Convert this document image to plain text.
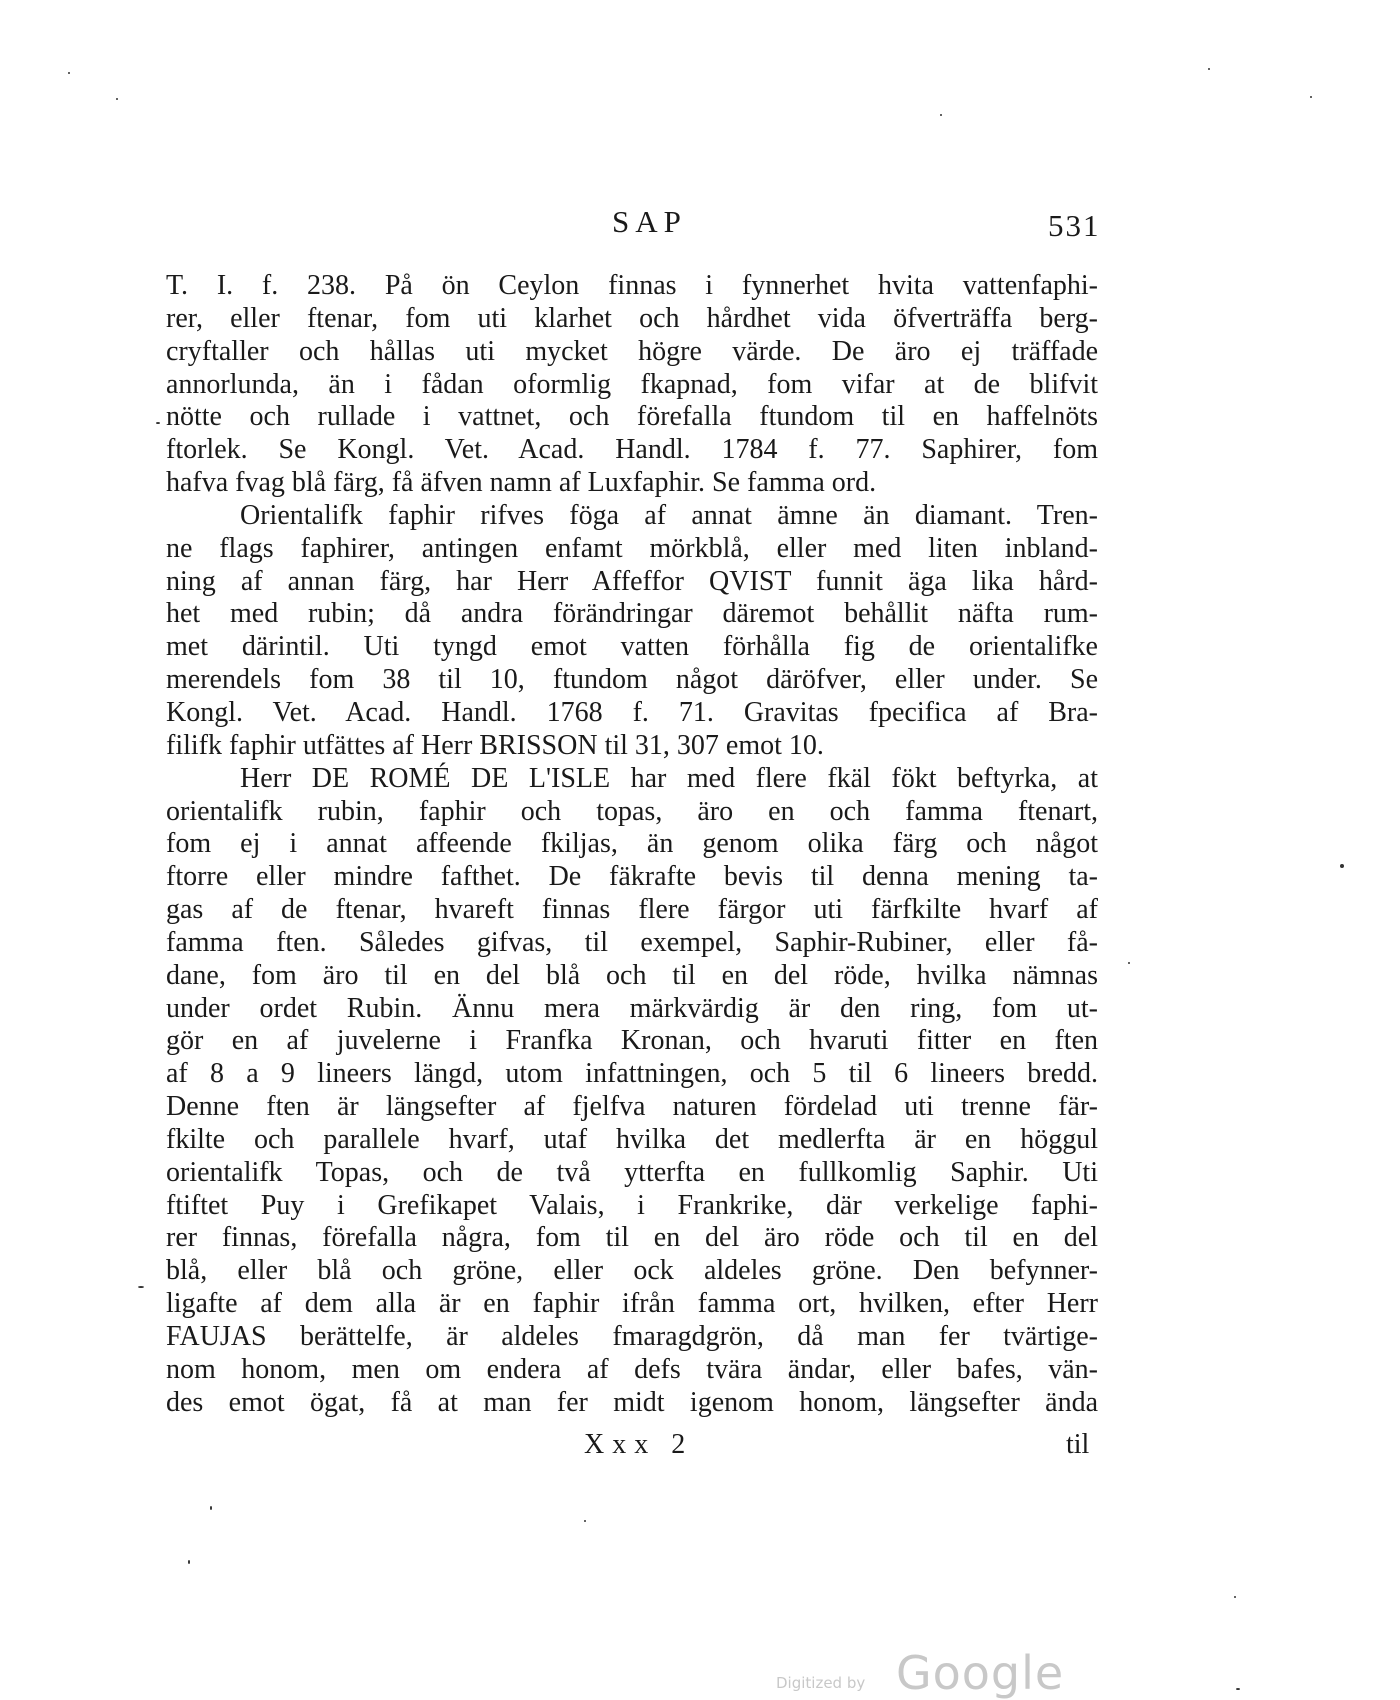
SAP	531
T. I. f. 238. På ön Ceylon finnas i fynnerhet hvita vattenfaphi-
rer, eller ftenar, fom uti klarhet och hårdhet vida öfverträffa berg-
cryftaller och hållas uti mycket högre värde. De äro ej träffade
annorlunda, än i fådan oformlig fkapnad, fom vifar at de blifvit
nötte och rullade i vattnet, och förefalla ftundom til en haffelnöts
ftorlek. Se Kongl. Vet. Acad. Handl. 1784 f. 77. Saphirer, fom
hafva fvag blå färg, få äfven namn af Luxfaphir. Se famma ord.
Orientalifk faphir rifves föga af annat ämne än diamant. Tren-
ne flags faphirer, antingen enfamt mörkblå, eller med liten inbland-
ning af annan färg, har Herr Affeffor QVIST funnit äga lika hård-
het med rubin; då andra förändringar däremot behållit näfta rum-
met därintil. Uti tyngd emot vatten förhålla fig de orientalifke
merendels fom 38 til 10, ftundom något däröfver, eller under. Se
Kongl. Vet. Acad. Handl. 1768 f. 71. Gravitas fpecifica af Bra-
filifk faphir utfättes af Herr BRISSON til 31, 307 emot 10.
Herr DE ROMÉ DE L'ISLE har med flere fkäl fökt beftyrka, at
orientalifk rubin, faphir och topas, äro en och famma ftenart,
fom ej i annat affeende fkiljas, än genom olika färg och något
ftorre eller mindre fafthet. De fäkrafte bevis til denna mening ta-
gas af de ftenar, hvareft finnas flere färgor uti färfkilte hvarf af
famma ften. Således gifvas, til exempel, Saphir-Rubiner, eller få-
dane, fom äro til en del blå och til en del röde, hvilka nämnas
under ordet Rubin. Ännu mera märkvärdig är den ring, fom ut-
gör en af juvelerne i Franfka Kronan, och hvaruti fitter en ften
af 8 a 9 lineers längd, utom infattningen, och 5 til 6 lineers bredd.
Denne ften är längsefter af fjelfva naturen fördelad uti trenne fär-
fkilte och parallele hvarf, utaf hvilka det medlerfta är en höggul
orientalifk Topas, och de två ytterfta en fullkomlig Saphir. Uti
ftiftet Puy i Grefikapet Valais, i Frankrike, där verkelige faphi-
rer finnas, förefalla några, fom til en del äro röde och til en del
blå, eller blå och gröne, eller ock aldeles gröne. Den befynner-
ligafte af dem alla är en faphir ifrån famma ort, hvilken, efter Herr
FAUJAS berättelfe, är aldeles fmaragdgrön, då man fer tvärtige-
nom honom, men om endera af defs tvära ändar, eller bafes, vän-
des emot ögat, få at man fer midt igenom honom, längsefter ända
Xxx 2	til
Digitized by Google
